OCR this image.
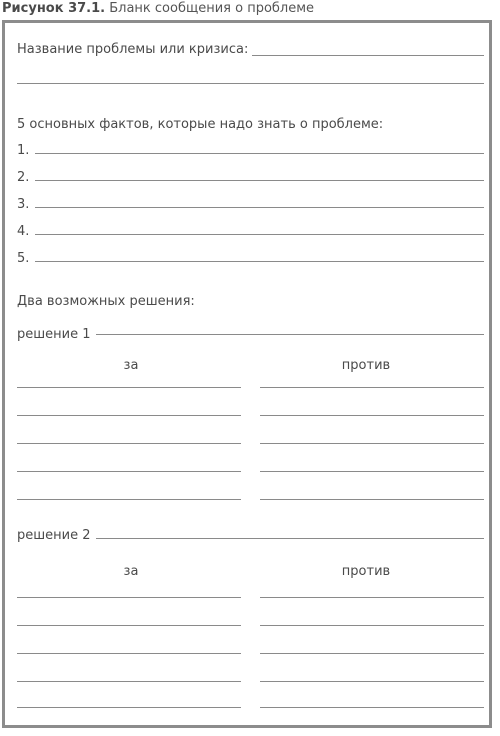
Рисунок 37.1. Бланк сообщения о проблеме
Название проблемы или кризиса:
5 основных фактов, которые надо знать о проблеме:
1.
2.
3.
4.
5.
Два возможных решения:
решение 1
за	против
решение 2
за	против
